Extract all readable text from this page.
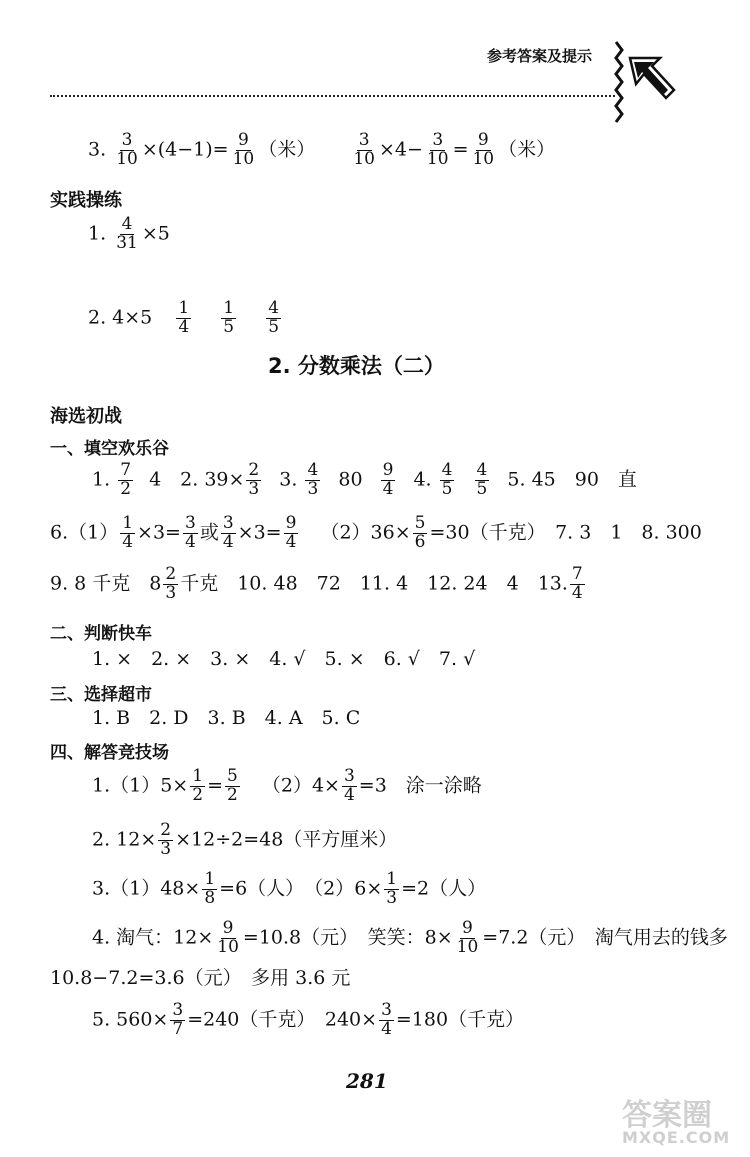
参考答案及提示
3. $\frac{3}{10} \times(4-1)= \frac{9}{10}$ （米） $\frac{3}{10} \times 4- \frac{3}{10} = \frac{9}{10}$ （米）
实践操练
1. $\frac{4}{31} \times 5$
2. $4\times 5 \frac{1}{4}$
$\frac{1}{5}$
$\frac{4}{5}$
2. 分数乘法（二）
海选初战
一、填空欢乐谷
1. $\frac{7}{2} 4$　2. $39\times \frac{2}{3} 3$. $\frac{4}{3} 80 \frac{9}{4} 4$. $\frac{4}{5}$
$\frac{4}{5} 5$. 45　90　直
$6.(1) \frac{1}{4} \times 3= \frac{3}{4}$ 或 $\frac{3}{4} \times 3= \frac{9}{4} (2)36\times \frac{5}{6} =30$（千克）　7. 3　1　8. 300
9. 8 千克　$8 \frac{2}{3}$ 千克　10. 48　72　11. 4　12. 24　4　13. $\frac{7}{4}$
二、判断快车
1. ×　2. ×　3. ×　4. √　5. ×　6. √　7. √
三、选择超市
1. B　2. D　3. B　4. A　5. C
四、解答竞技场
$1.(1)5\times \frac{1}{2} = \frac{5}{2} (2)4\times \frac{3}{4} =3$　涂一涂略
2. $12\times \frac{2}{3} \times 12\div 2=48$（平方厘米）
$3.(1)48\times \frac{1}{8} =6$（人）　$(2)6\times \frac{1}{3} =2$（人）
4. 淘气：$12\times \frac{9}{10} =10.8$（元）　笑笑：$8\times \frac{9}{10} =7.2$（元）　淘气用去的钱多
10.8−7.2=3.6（元）　多用 3.6 元
5. $560\times \frac{3}{7} =240$（千克）　$240\times \frac{3}{4} =180$（千克）
281
答案圈
MXQE.COM
